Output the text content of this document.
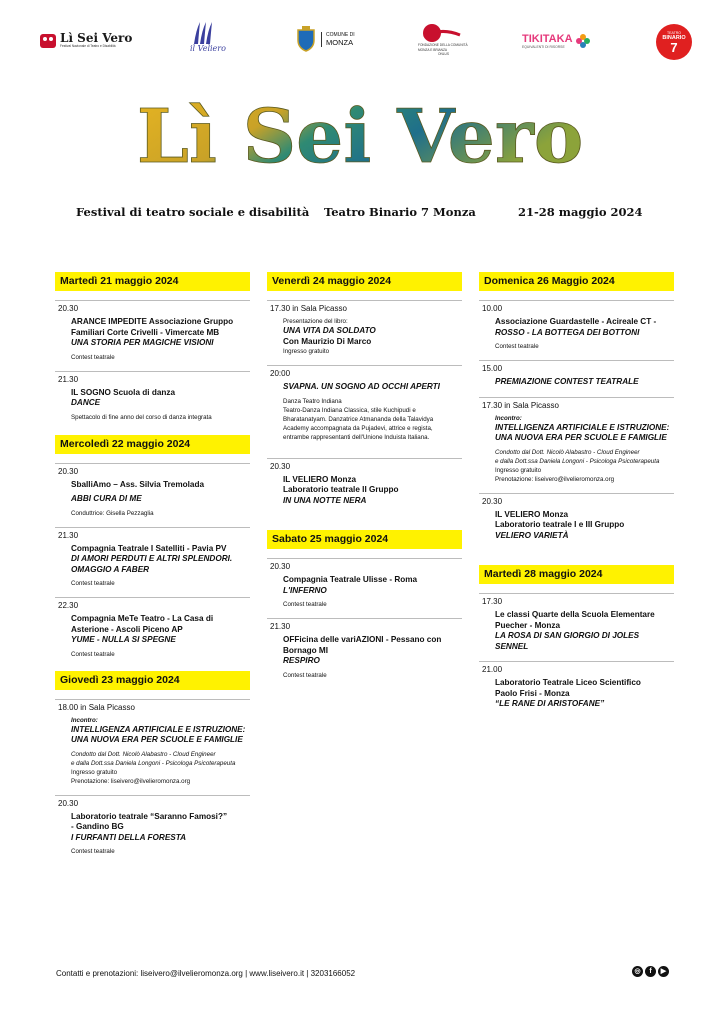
Lì Sei Vero
Festival Nazionale di Teatro e Disabilità	il Veliero
COMUNE DI
MONZA	FONDAZIONE DELLA COMUNITÀ
MONZA E BRIANZA
ONLUS
TIKITAKA
EQUIVALENTI DI RISORSE
TEATRO
BINARIO
7
Lì Sei Vero
Festival di teatro sociale e disabilità Teatro Binario 7 Monza	21-28 maggio 2024
Martedì 21 maggio 2024
20.30
ARANCE IMPEDITE Associazione Gruppo
Familiari Corte Crivelli - Vimercate MB
UNA STORIA PER MAGICHE VISIONI
Contest teatrale
21.30
IL SOGNO Scuola di danza
DANCE
Spettacolo di fine anno del corso di danza integrata
Mercoledì 22 maggio 2024
20.30
SballiAmo – Ass. Silvia Tremolada
ABBI CURA DI ME
Conduttrice: Gisella Pezzaglia
21.30
Compagnia Teatrale I Satelliti - Pavia PV
DI AMORI PERDUTI E ALTRI SPLENDORI.
OMAGGIO A FABER
Contest teatrale
22.30
Compagnia MeTe Teatro - La Casa di
Asterione - Ascoli Piceno AP
YUME - NULLA SI SPEGNE
Contest teatrale
Giovedì 23 maggio 2024
18.00 in Sala Picasso
Incontro:
INTELLIGENZA ARTIFICIALE E ISTRUZIONE:
UNA NUOVA ERA PER SCUOLE E FAMIGLIE
Condotto dal Dott. Nicolò Alabastro - Cloud Engineer
e dalla Dott.ssa Daniela Longoni - Psicologa Psicoterapeuta
Ingresso gratuito
Prenotazione: liseivero@ilvelieromonza.org
20.30
Laboratorio teatrale “Saranno Famosi?”
- Gandino BG
I FURFANTI DELLA FORESTA
Contest teatrale
Venerdì 24 maggio 2024
17.30 in Sala Picasso
Presentazione del libro:
UNA VITA DA SOLDATO
Con Maurizio Di Marco
Ingresso gratuito
20:00
SVAPNA. UN SOGNO AD OCCHI APERTI
Danza Teatro Indiana
Teatro-Danza Indiana Classica, stile Kuchipudi e
Bharatanatyam. Danzatrice Atmananda della Talavidya
Academy accompagnata da Pujadevi, attrice e regista,
entrambe rappresentanti dell'Unione Induista Italiana.
20.30
IL VELIERO Monza
Laboratorio teatrale II Gruppo
IN UNA NOTTE NERA
Sabato 25 maggio 2024
20.30
Compagnia Teatrale Ulisse - Roma
L'INFERNO
Contest teatrale
21.30
OFFicina delle variAZIONI - Pessano con
Bornago MI
RESPIRO
Contest teatrale
Domenica 26 Maggio 2024
10.00
Associazione Guardastelle - Acireale CT -
ROSSO - LA BOTTEGA DEI BOTTONI
Contest teatrale
15.00
PREMIAZIONE CONTEST TEATRALE
17.30 in Sala Picasso
Incontro:
INTELLIGENZA ARTIFICIALE E ISTRUZIONE:
UNA NUOVA ERA PER SCUOLE E FAMIGLIE
Condotto dal Dott. Nicolò Alabastro - Cloud Engineer
e dalla Dott.ssa Daniela Longoni - Psicologa Psicoterapeuta
Ingresso gratuito
Prenotazione: liseivero@ilvelieromonza.org
20.30
IL VELIERO Monza
Laboratorio teatrale I e III Gruppo
VELIERO VARIETÀ
Martedì 28 maggio 2024
17.30
Le classi Quarte della Scuola Elementare
Puecher - Monza
LA ROSA DI SAN GIORGIO DI JOLES
SENNEL
21.00
Laboratorio Teatrale Liceo Scientifico
Paolo Frisi - Monza
“LE RANE DI ARISTOFANE”
Contatti e prenotazioni: liseivero@ilvelieromonza.org | www.liseivero.it | 3203166052	◎	f	▶
